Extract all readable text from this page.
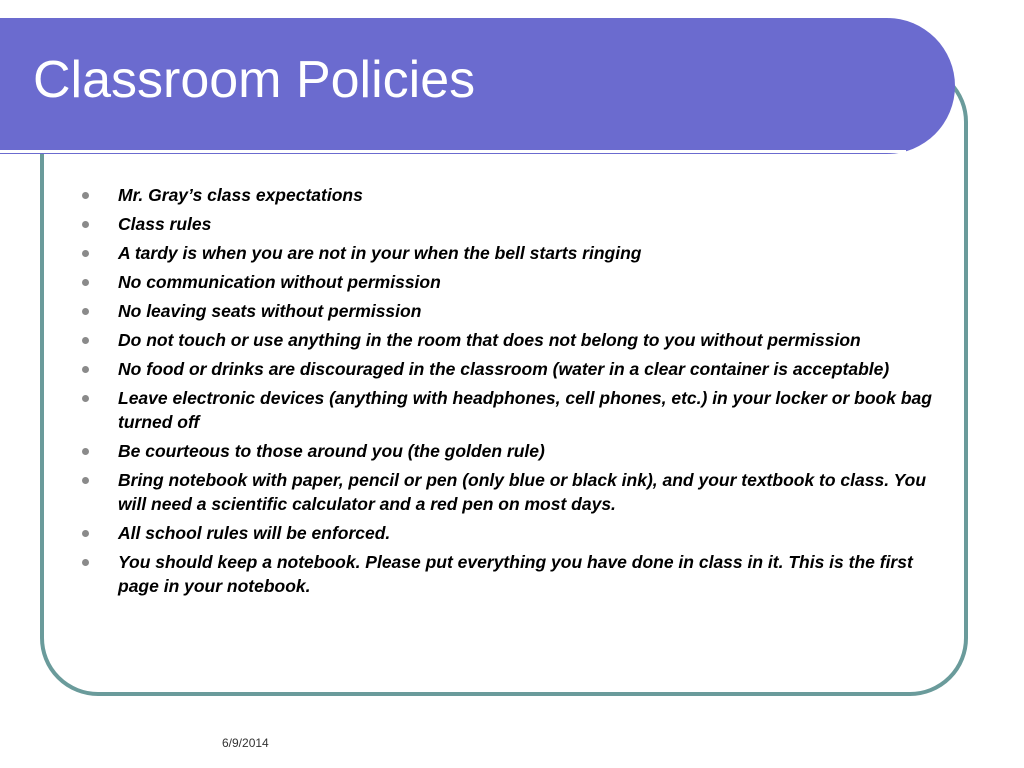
Classroom Policies
Mr. Gray’s class expectations
Class rules
A tardy is when you are not in your when the bell starts ringing
No communication without permission
No leaving seats without permission
Do not touch or use anything in the room that does not belong to you without permission
No food or drinks are discouraged in the classroom (water in a clear container is acceptable)
Leave electronic devices (anything with headphones, cell phones, etc.) in your locker or book bag turned off
Be courteous to those around you (the golden rule)
Bring notebook with paper, pencil or pen (only blue or black ink), and your textbook to class. You will need a scientific calculator and a red pen on most days.
All school rules will be enforced.
You should keep a notebook. Please put everything you have done in class in it. This is the first page in your notebook.
6/9/2014
